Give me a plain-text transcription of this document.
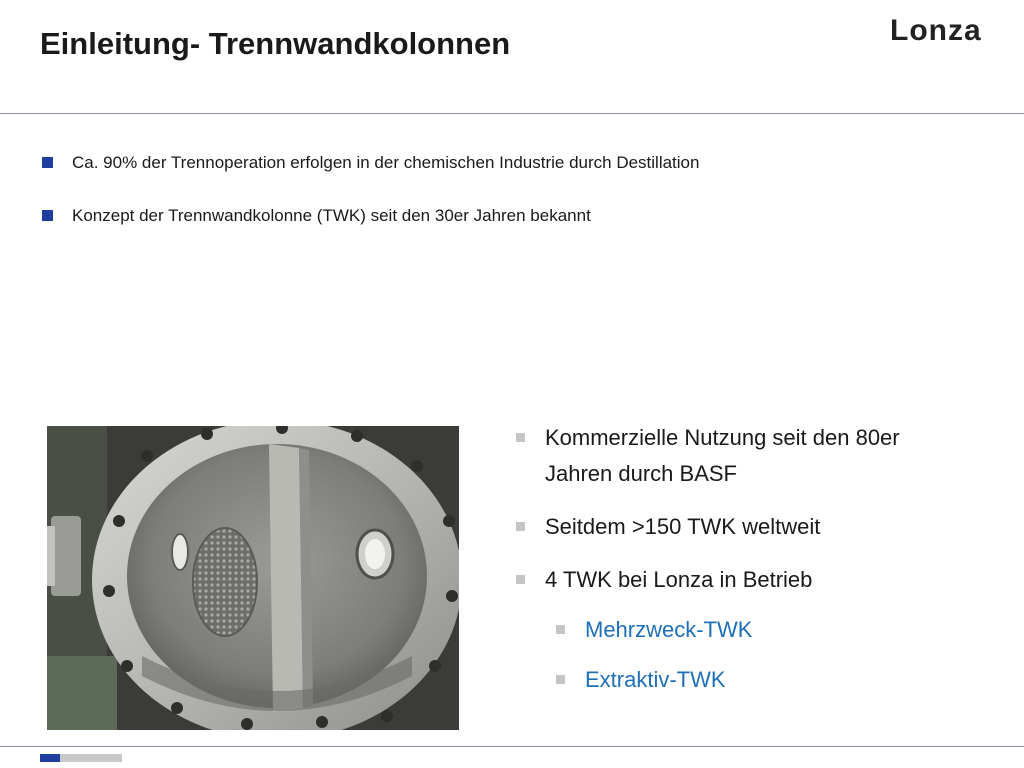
Einleitung- Trennwandkolonnen	Lonza
Ca. 90% der Trennoperation erfolgen in der chemischen Industrie durch Destillation
Konzept der Trennwandkolonne (TWK) seit den 30er Jahren bekannt
Kommerzielle Nutzung seit den 80er
Jahren durch BASF
Seitdem >150 TWK weltweit
4 TWK bei Lonza in Betrieb
Mehrzweck-TWK
Extraktiv-TWK
